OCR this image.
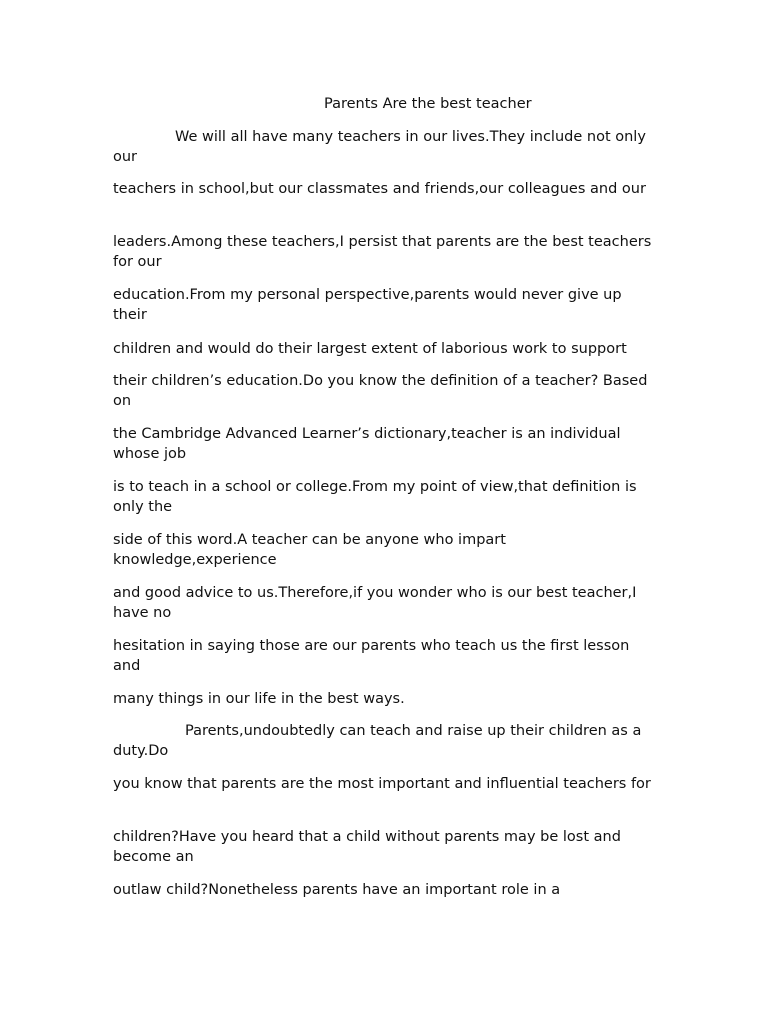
Parents Are the best teacher
We will all have many teachers in our lives.They include not only our
teachers in school,but our classmates and friends,our colleagues and our
leaders.Among these teachers,I persist that parents are the best teachers for our
education.From my personal perspective,parents would never give up their
children and would do their largest extent of laborious work to support
their children’s education.Do you know the definition of a teacher? Based on
the Cambridge Advanced Learner’s dictionary,teacher is an individual whose job
is to teach in a school or college.From my point of view,that definition is only the
side of this word.A teacher can be anyone who impart knowledge,experience
and good advice to us.Therefore,if you wonder who is our best teacher,I have no
hesitation in saying those are our parents who teach us the first lesson and
many things in our life in the best ways.
Parents,undoubtedly can teach and raise up their children as a duty.Do
you know that parents are the most important and influential teachers for
children?Have you heard that a child without parents may be lost and become an
outlaw child?Nonetheless parents have an important role in a
